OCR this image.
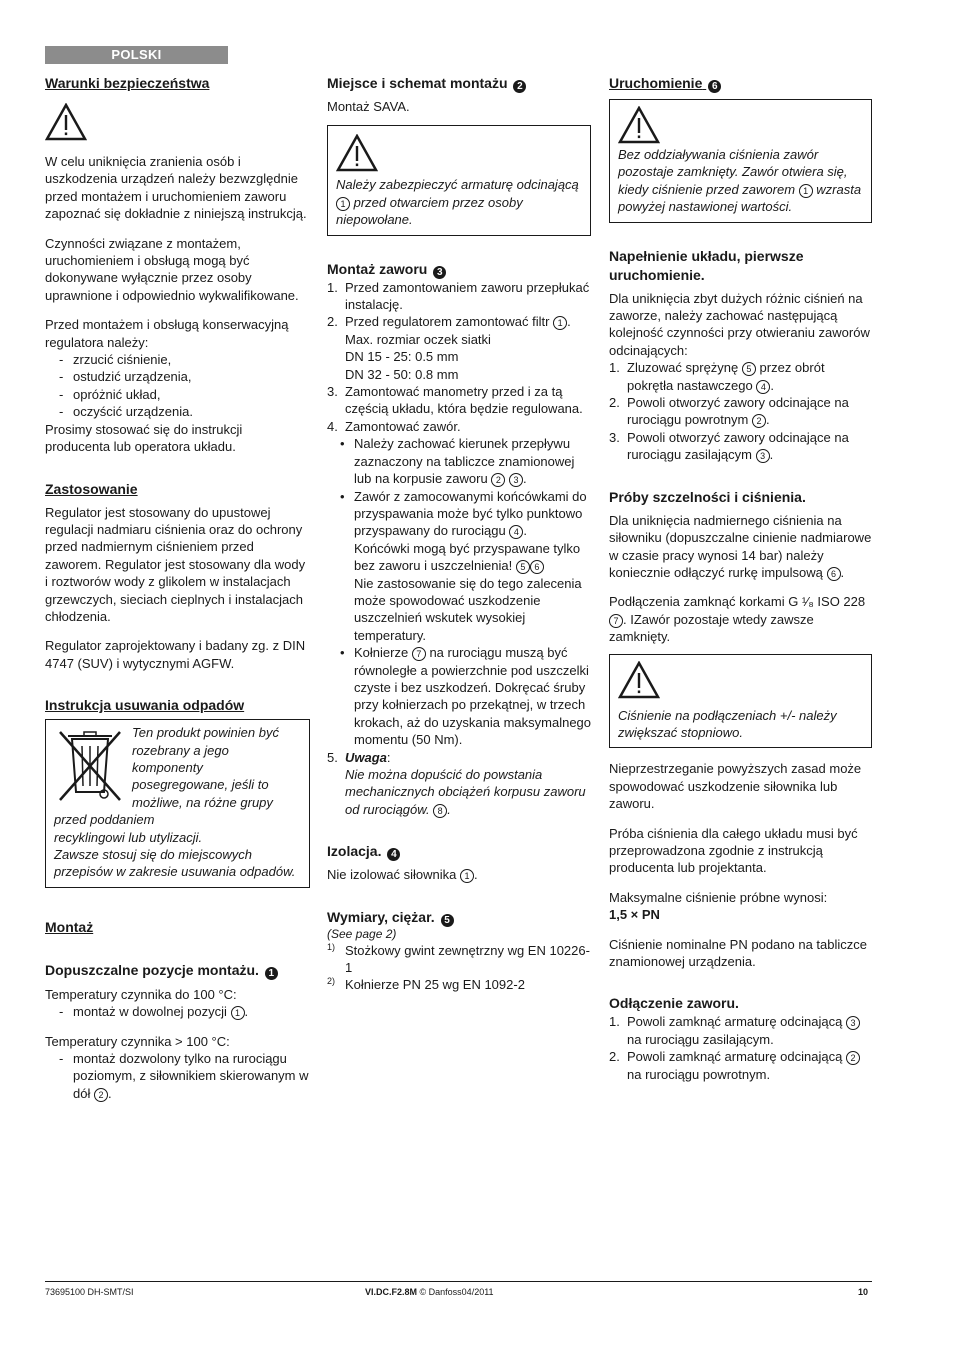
POLSKI
Warunki bezpieczeństwa

W celu uniknięcia zranienia osób i uszkodzenia urządzeń należy bezwzględnie przed montażem i uruchomieniem zaworu zapoznać się dokładnie z niniejszą instrukcją.

Czynności związane z montażem, uruchomieniem i obsługą mogą być dokonywane wyłącznie przez osoby uprawnione i odpowiednio wykwalifikowane.

Przed montażem i obsługą konserwacyjną regulatora należy:

- zrzucić ciśnienie,
- ostudzić urządzenia,
- opróżnić układ,
- oczyścić urządzenia.

Prosimy stosować się do instrukcji producenta lub operatora układu.

Zastosowanie

Regulator jest stosowany do upustowej regulacji nadmiaru ciśnienia oraz do ochrony przed nadmiernym ciśnieniem przed zaworem. Regulator jest stosowany dla wody i roztworów wody z glikolem w instalacjach grzewczych, sieciach cieplnych i instalacjach chłodzenia.

Regulator zaprojektowany i badany zg. z DIN 4747 (SUV) i wytycznymi AGFW.

Instrukcja usuwania odpadów

Ten produkt powinien być rozebrany a jego komponenty posegregowane, jeśli to możliwe, na różne grupy przed poddaniem

recyklingowi lub utylizacji.

Zawsze stosuj się do miejscowych przepisów w zakresie usuwania odpadów.

Montaż
Dopuszczalne pozycje montażu. 1

Temperatury czynnika do 100 °C:

- montaż w dowolnej pozycji 1 .

Temperatury czynnika > 100 °C:

- montaż dozwolony tylko na rurociągu poziomym, z siłownikiem skierowanym w dół 2 .
Miejsce i schemat montażu 2

Montaż SAVA.

Należy zabezpieczyć armaturę odcinającą 1 przed otwarciem przez osoby niepowołane.

Montaż zaworu 3
1. Przed zamontowaniem zaworu przepłukać instalację.
2. Przed regulatorem zamontować filtr 1 .
Max. rozmiar oczek siatki
DN 15 - 25: 0.5 mm
DN 32 - 50: 0.8 mm
3. Zamontować manometry przed i za tą częścią układu, która będzie regulowana.
4. Zamontować zawór.
• Należy zachować kierunek przepływu zaznaczony na tabliczce znamionowej lub na korpusie zaworu 2 3 .
• Zawór z zamocowanymi końcówkami do przyspawania może być tylko punktowo przyspawany do rurociągu 4 .
Końcówki mogą być przyspawane tylko bez zaworu i uszczelnienia! 5 6
Nie zastosowanie się do tego zalecenia może spowodować uszkodzenie uszczelnień wskutek wysokiej temperatury.
• Kołnierze 7 na rurociągu muszą być równoległe a powierzchnie pod uszczelki czyste i bez uszkodzeń. Dokręcać śruby przy kołnierzach po przekątnej, w trzech krokach, aż do uzyskania maksymalnego momentu (50 Nm).
5. Uwaga:
Nie można dopuścić do powstania mechanicznych obciążeń korpusu zaworu od rurociągów. 8 .
Izolacja. 4

Nie izolować siłownika 1 .

Wymiary, ciężar. 5

(See page 2)

1) Stożkowy gwint zewnętrzny wg EN 10226-1
2) Kołnierze PN 25 wg EN 1092-2
Uruchomienie 6

Bez oddziaływania ciśnienia zawór pozostaje zamknięty. Zawór otwiera się, kiedy ciśnienie przed zaworem 1 wzrasta powyżej nastawionej wartości.

Napełnienie układu, pierwsze uruchomienie.

Dla uniknięcia zbyt dużych różnic ciśnień na zaworze, należy zachować następującą kolejność czynności przy otwieraniu zaworów odcinających:

1. Zluzować sprężynę 5 przez obrót pokrętła nastawczego 4 .
2. Powoli otworzyć zawory odcinające na rurociągu powrotnym 2 .
3. Powoli otworzyć zawory odcinające na rurociągu zasilającym 3 .
Próby szczelności i ciśnienia.

Dla uniknięcia nadmiernego ciśnienia na siłowniku (dopuszczalne cinienie nadmiarowe w czasie pracy wynosi 14 bar) należy koniecznie odłączyć rurkę impulsową 6 .

Podłączenia zamknąć korkami G ¹⁄₈ ISO 228 7 . IZawór pozostaje wtedy zawsze zamknięty.

Ciśnienie na podłączeniach +/- należy zwiększać stopniowo.

Nieprzestrzeganie powyższych zasad może spowodować uszkodzenie siłownika lub zaworu.

Próba ciśnienia dla całego układu musi być przeprowadzona zgodnie z instrukcją producenta lub projektanta.

Maksymalne ciśnienie próbne wynosi:

1,5 × PN

Ciśnienie nominalne PN podano na tabliczce znamionowej urządzenia.

Odłączenie zaworu.
1. Powoli zamknąć armaturę odcinającą 3 na rurociągu zasilającym.
2. Powoli zamknąć armaturę odcinającą 2 na rurociągu powrotnym.
73695100 DH-SMT/SI	VI.DC.F2.8M © Danfoss04/2011	10
